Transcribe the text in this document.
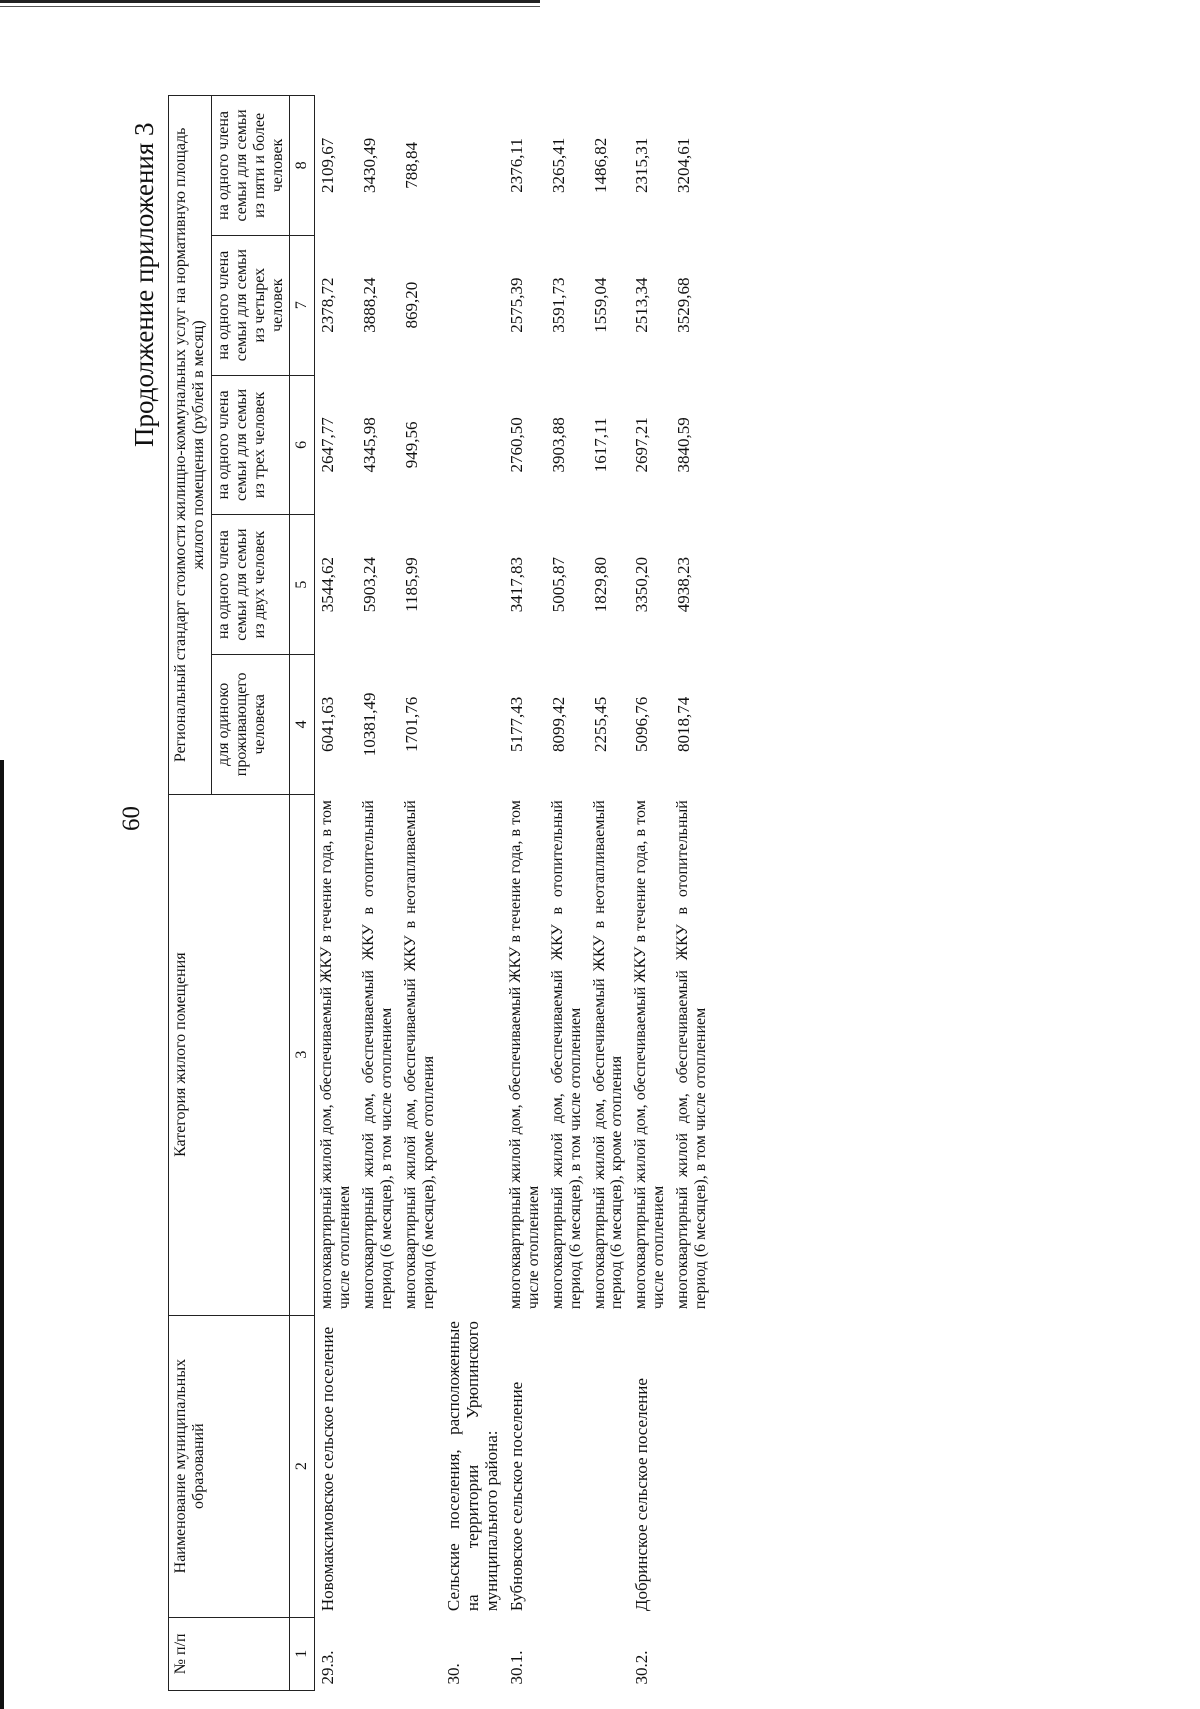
60
Продолжение приложения 3
№ п/п	Наименование муниципальных образований	Категория жилого помещения	Региональный стандарт стоимости жилищно-коммунальных услуг на нормативную площадь жилого помещения (рублей в месяц)				
			для одиноко проживающего человека	на одного члена семьи для семьи из двух человек	на одного члена семьи для семьи из трех человек	на одного члена семьи для семьи из четырех человек	на одного члена семьи для семьи из пяти и более человек
1	2	3	4	5	6	7	8
29.3.	Новомаксимовское сельское поселение	многоквартирный жилой дом, обеспечиваемый ЖКУ в течение года, в том числе отоплением	6041,63	3544,62	2647,77	2378,72	2109,67
		многоквартирный жилой дом, обеспечиваемый ЖКУ в отопительный период (6 месяцев), в том числе отоплением	10381,49	5903,24	4345,98	3888,24	3430,49
		многоквартирный жилой дом, обеспечиваемый ЖКУ в неотапливаемый период (6 месяцев), кроме отопления	1701,76	1185,99	949,56	869,20	788,84
30.	Сельские поселения, расположенные на территории Урюпинского муниципального района:						
30.1.	Бубновское сельское поселение	многоквартирный жилой дом, обеспечиваемый ЖКУ в течение года, в том числе отоплением	5177,43	3417,83	2760,50	2575,39	2376,11
		многоквартирный жилой дом, обеспечиваемый ЖКУ в отопительный период (6 месяцев), в том числе отоплением	8099,42	5005,87	3903,88	3591,73	3265,41
		многоквартирный жилой дом, обеспечиваемый ЖКУ в неотапливаемый период (6 месяцев), кроме отопления	2255,45	1829,80	1617,11	1559,04	1486,82
30.2.	Добринское сельское поселение	многоквартирный жилой дом, обеспечиваемый ЖКУ в течение года, в том числе отоплением	5096,76	3350,20	2697,21	2513,34	2315,31
		многоквартирный жилой дом, обеспечиваемый ЖКУ в отопительный период (6 месяцев), в том числе отоплением	8018,74	4938,23	3840,59	3529,68	3204,61
